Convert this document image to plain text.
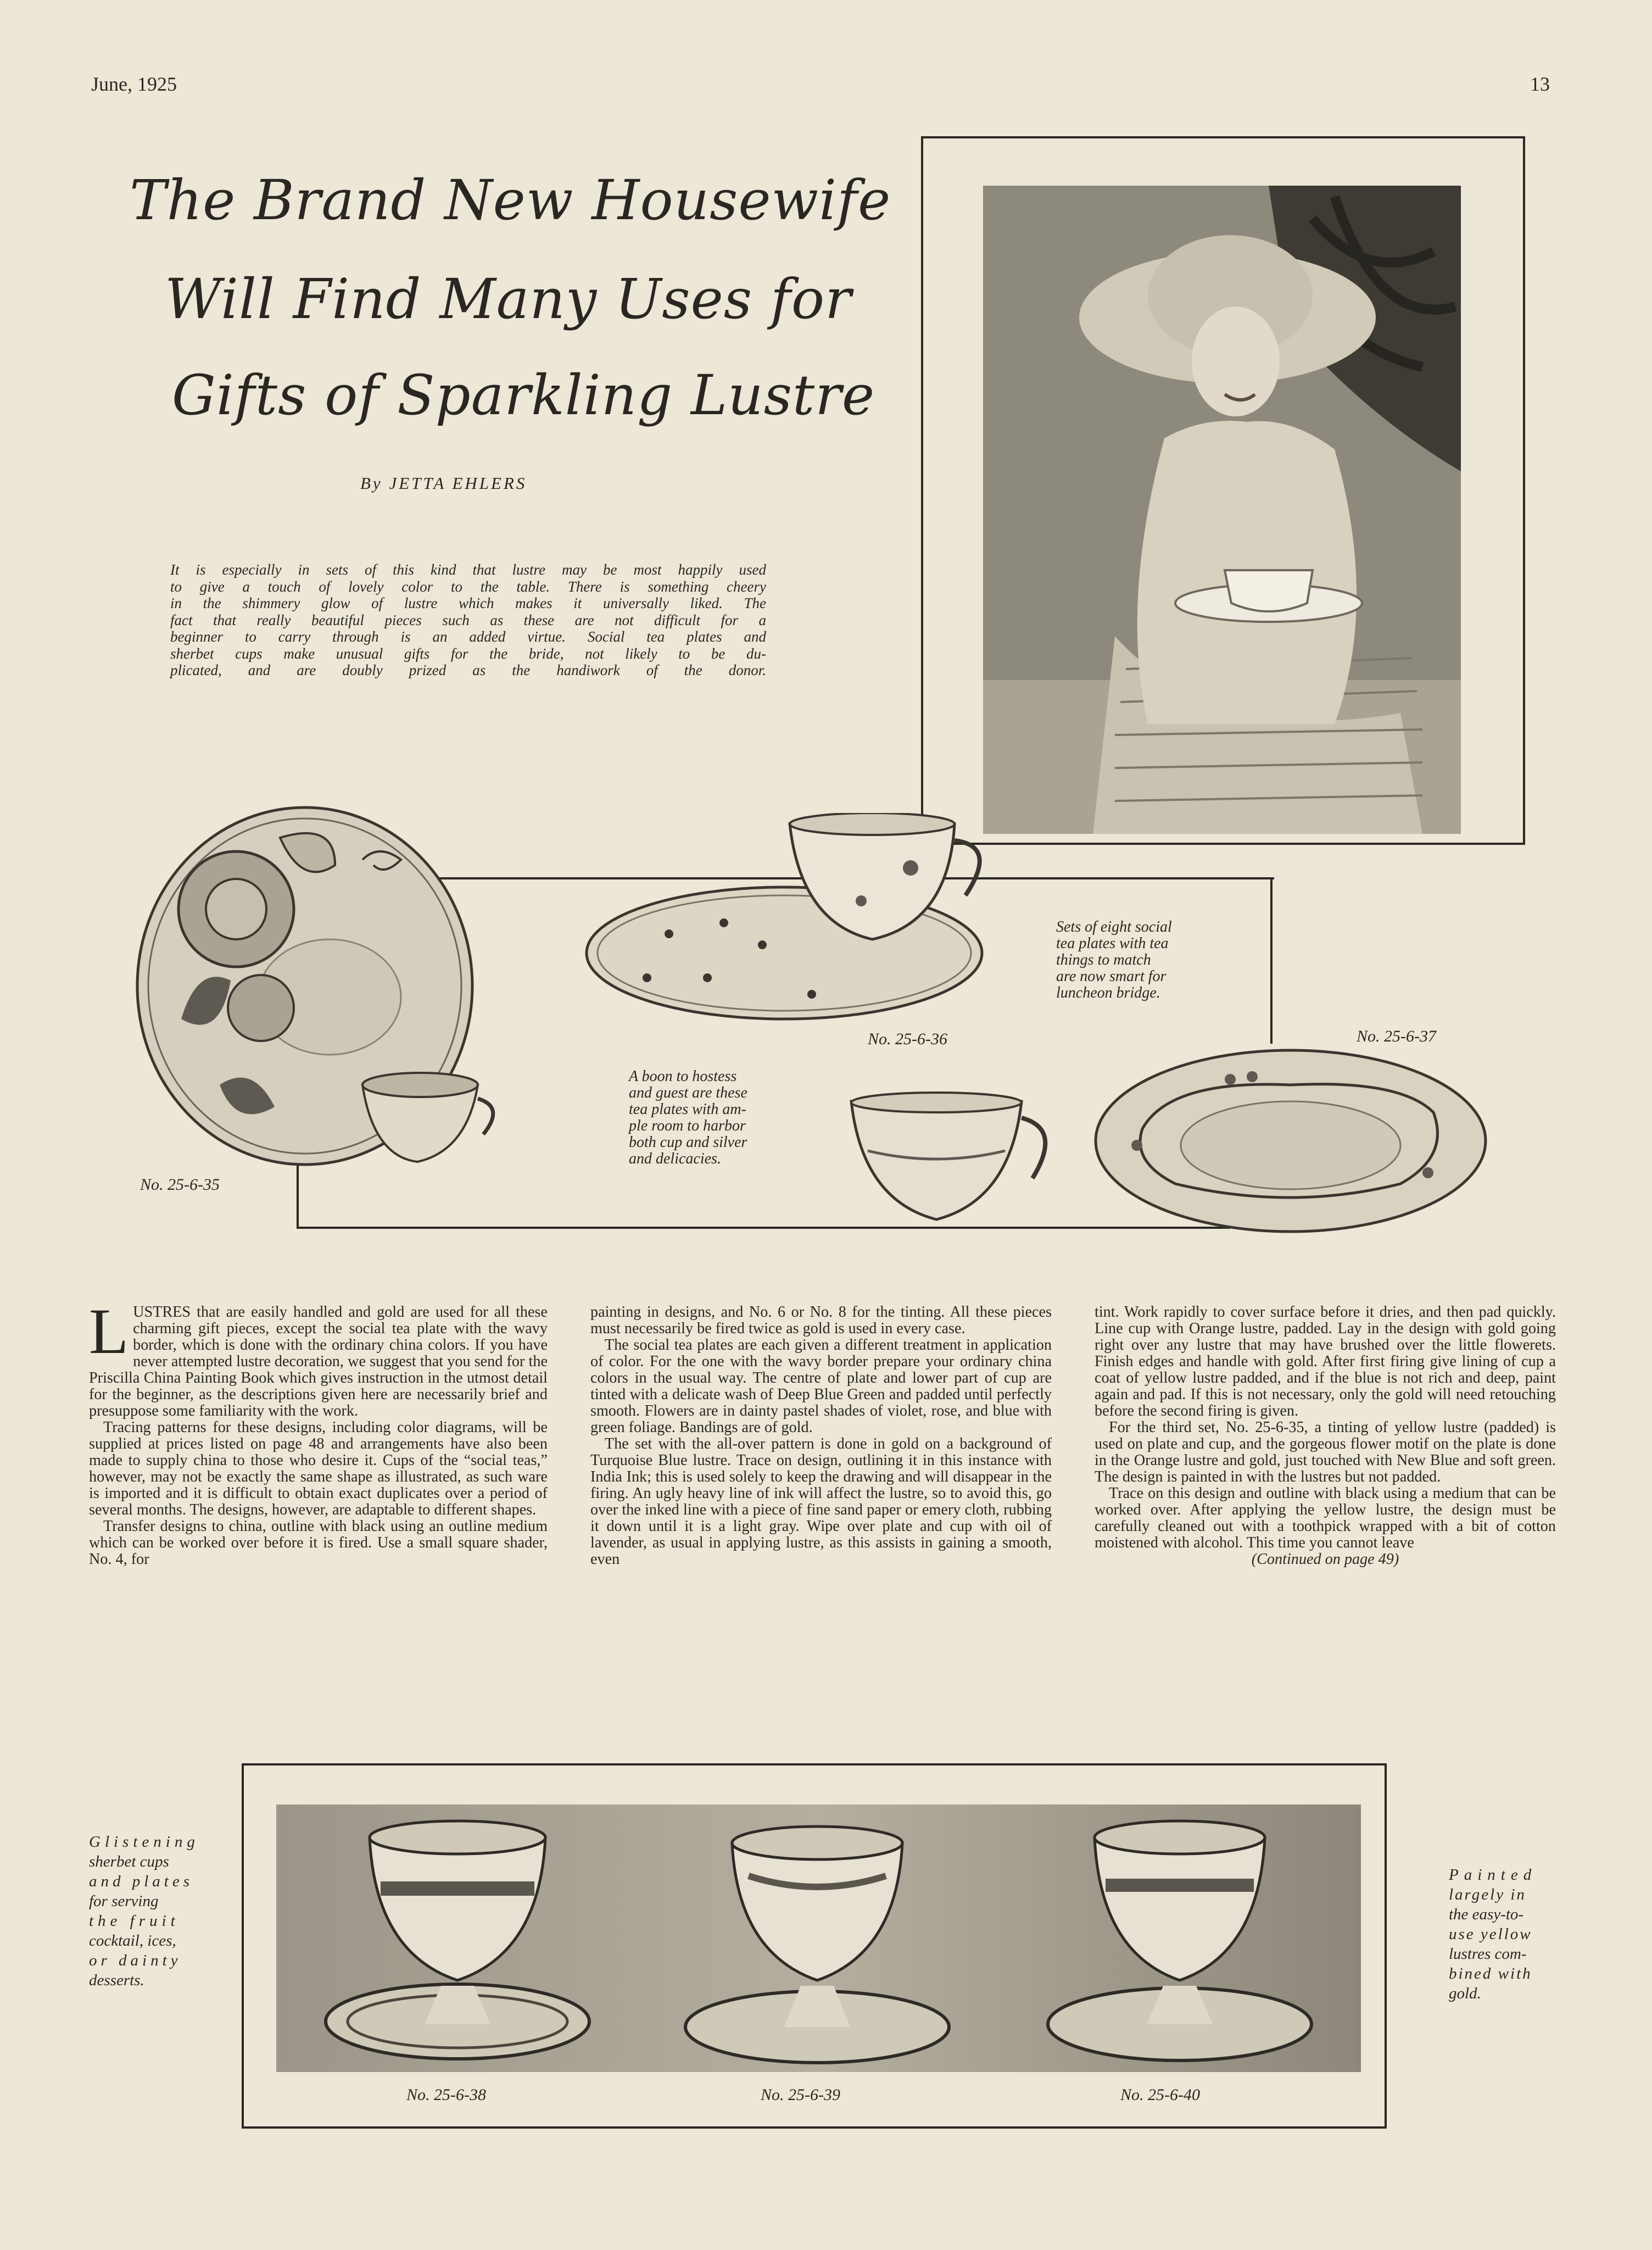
June, 1925	13
The Brand New Housewife
Will Find Many Uses for
Gifts of Sparkling Lustre
By JETTA EHLERS
It is especially in sets of this kind that lustre may be most happily used
to give a touch of lovely color to the table. There is something cheery
in the shimmery glow of lustre which makes it universally liked. The
fact that really beautiful pieces such as these are not difficult for a
beginner to carry through is an added virtue. Social tea plates and
sherbet cups make unusual gifts for the bride, not likely to be du-
plicated, and are doubly prized as the handiwork of the donor.
No. 25-6-35
No. 25-6-36
Sets of eight social
tea plates with tea
things to match
are now smart for
luncheon bridge.
A boon to hostess
and guest are these
tea plates with am-
ple room to harbor
both cup and silver
and delicacies.
No. 25-6-37

LUSTRES that are easily handled and gold are used for all these charming gift pieces, except the social tea plate with the wavy border, which is done with the ordinary china colors. If you have never attempted lustre decoration, we suggest that you send for the Priscilla China Painting Book which gives instruction in the utmost detail for the beginner, as the descriptions given here are necessarily brief and presuppose some familiarity with the work.

Tracing patterns for these designs, including color diagrams, will be supplied at prices listed on page 48 and arrangements have also been made to supply china to those who desire it. Cups of the “social teas,” however, may not be exactly the same shape as illustrated, as such ware is imported and it is difficult to obtain exact duplicates over a period of several months. The designs, however, are adaptable to different shapes.

Transfer designs to china, outline with black using an outline medium which can be worked over before it is fired. Use a small square shader, No. 4, for

painting in designs, and No. 6 or No. 8 for the tinting. All these pieces must necessarily be fired twice as gold is used in every case.

The social tea plates are each given a different treatment in application of color. For the one with the wavy border prepare your ordinary china colors in the usual way. The centre of plate and lower part of cup are tinted with a delicate wash of Deep Blue Green and padded until perfectly smooth. Flowers are in dainty pastel shades of violet, rose, and blue with green foliage. Bandings are of gold.

The set with the all-over pattern is done in gold on a background of Turquoise Blue lustre. Trace on design, outlining it in this instance with India Ink; this is used solely to keep the drawing and will disappear in the firing. An ugly heavy line of ink will affect the lustre, so to avoid this, go over the inked line with a piece of fine sand paper or emery cloth, rubbing it down until it is a light gray. Wipe over plate and cup with oil of lavender, as usual in applying lustre, as this assists in gaining a smooth, even

tint. Work rapidly to cover surface before it dries, and then pad quickly. Line cup with Orange lustre, padded. Lay in the design with gold going right over any lustre that may have brushed over the little flowerets. Finish edges and handle with gold. After first firing give lining of cup a coat of yellow lustre padded, and if the blue is not rich and deep, paint again and pad. If this is not necessary, only the gold will need retouching before the second firing is given.

For the third set, No. 25-6-35, a tinting of yellow lustre (padded) is used on plate and cup, and the gorgeous flower motif on the plate is done in the Orange lustre and gold, just touched with New Blue and soft green. The design is painted in with the lustres but not padded.

Trace on this design and outline with black using a medium that can be worked over. After applying the yellow lustre, the design must be carefully cleaned out with a toothpick wrapped with a bit of cotton moistened with alcohol. This time you cannot leave

(Continued on page 49)
No. 25-6-38	No. 25-6-39	No. 25-6-40
Glistening
sherbet cups
and plates
for serving
the fruit
cocktail, ices,
or dainty
desserts.
Painted
largely in
the easy-to-
use yellow
lustres com-
bined with
gold.
